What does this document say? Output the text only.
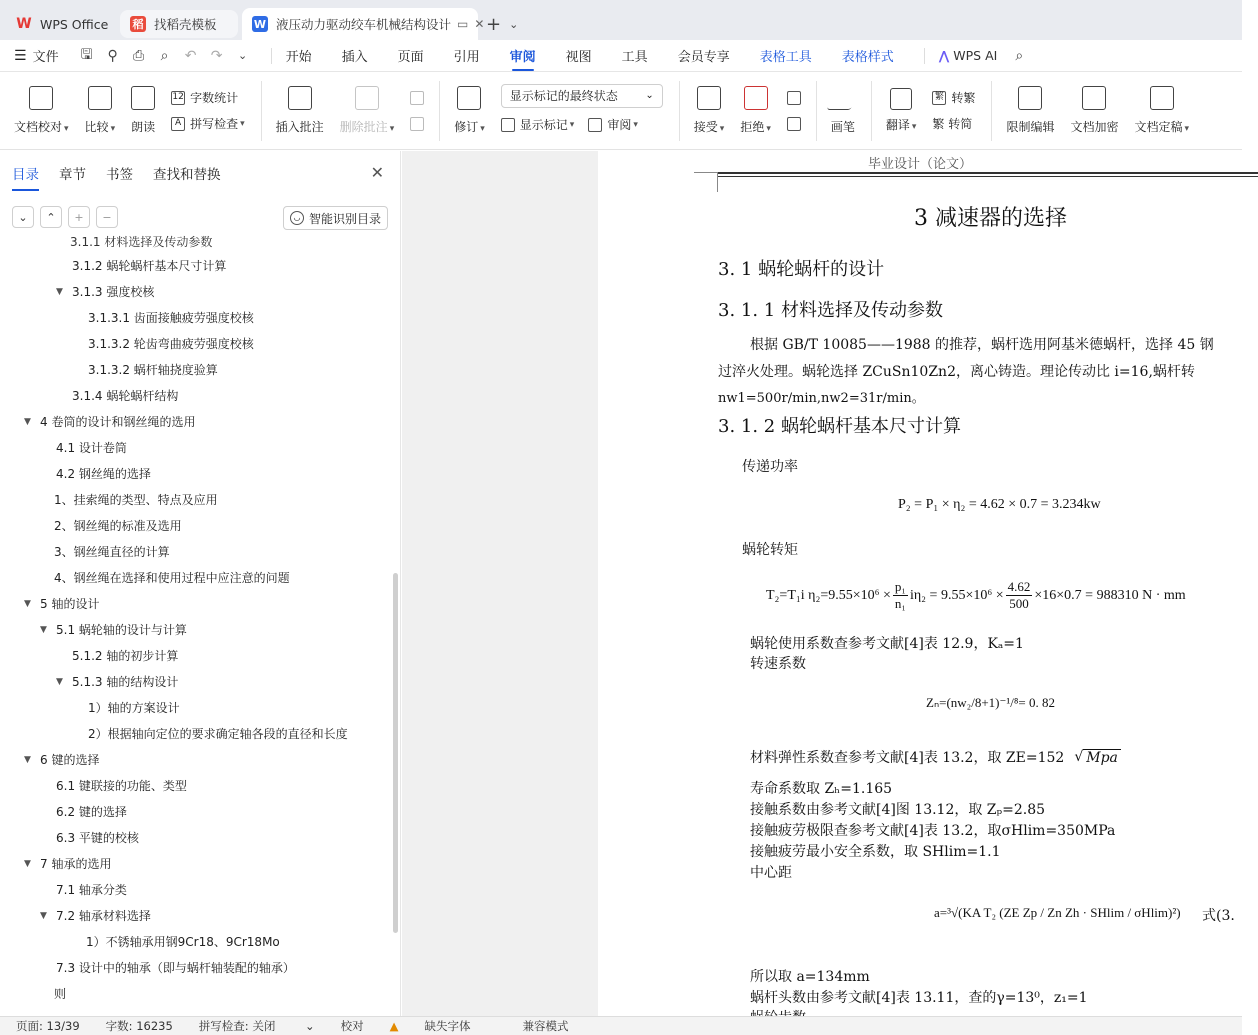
W WPS Office 稻 找稻壳模板	W 液压动力驱动绞车机械结构设计 ▭ ✕ + ⌄
☰ 文件 🖫 ⚲ ⎙ ⌕ ↶ ↷	⌄	开始 插入 页面 引用 审阅 视图 工具 会员专享 表格工具 表格样式	⋀ WPS AI ⌕
文档校对 ▾ 比较 ▾ 朗读
12 字数统计
A 拼写检查 ▾	插入批注 删除批注 ▾	修订 ▾
显示标记的最终状态	⌄
显示标记 ▾	审阅 ▾	接受 ▾ 拒绝 ▾	画笔	翻译 ▾
繁 转繁
繁 转简	限制编辑 文档加密 文档定稿 ▾
目录 章节 书签 查找和替换	✕
⌄	⌃	+	−	◡ 智能识别目录
3.1.1 材料选择及传动参数
3.1.2 蜗轮蜗杆基本尺寸计算
▼ 3.1.3 强度校核
3.1.3.1 齿面接触疲劳强度校核
3.1.3.2 轮齿弯曲疲劳强度校核
3.1.3.2 蜗杆轴挠度验算
3.1.4 蜗轮蜗杆结构
▼ 4 卷筒的设计和钢丝绳的选用
4.1 设计卷筒
4.2 钢丝绳的选择
1、挂索绳的类型、特点及应用
2、钢丝绳的标准及选用
3、钢丝绳直径的计算
4、钢丝绳在选择和使用过程中应注意的问题
▼ 5 轴的设计
▼ 5.1 蜗轮轴的设计与计算
5.1.2 轴的初步计算
▼ 5.1.3 轴的结构设计
1）轴的方案设计
2）根据轴向定位的要求确定轴各段的直径和长度
▼ 6 键的选择
6.1 键联接的功能、类型
6.2 键的选择
6.3 平键的校核
▼ 7 轴承的选用
7.1 轴承分类
▼ 7.2 轴承材料选择
1）不锈轴承用钢9Cr18、9Cr18Mo
7.3 设计中的轴承（即与蜗杆轴装配的轴承）
则
毕业设计（论文）
3 减速器的选择
3. 1 蜗轮蜗杆的设计
3. 1. 1 材料选择及传动参数
根据 GB/T 10085——1988 的推荐，蜗杆选用阿基米德蜗杆，选择 45 钢
过淬火处理。蜗轮选择 ZCuSn10Zn2，离心铸造。理论传动比 i=16,蜗杆转
nw1=500r/min,nw2=31r/min。
3. 1. 2 蜗轮蜗杆基本尺寸计算
传递功率
P₂ = P₁ × η₂ = 4.62 × 0.7 = 3.234kw
蜗轮转矩
T₂=T₁i $\eta_2=9.55\times 10^6 \times \frac{\text{p₁}}{\text{n₁}} i\eta_2 = 9.55\times 10^6 \times \frac{4.62}{500} \times 16\times 0.7 = 988310$ N · mm
蜗轮使用系数查参考文献[4]表 12.9，Kₐ=1
转速系数
Zₙ=(nw₂/8+1)⁻¹/⁸= 0. 82
材料弹性系数查参考文献[4]表 13.2，取 ZE=152 √ Mpa
寿命系数取 Zₕ=1.165
接触系数由参考文献[4]图 13.12，取 Zₚ=2.85
接触疲劳极限查参考文献[4]表 13.2，取σHlim=350MPa
接触疲劳最小安全系数，取 SHlim=1.1
中心距
a=³√(KA T₂ (ZE Zp / Zn Zh · SHlim / σHlim)²) 式(3.
所以取 a=134mm
蜗杆头数由参考文献[4]表 13.11，查的γ=13⁰，z₁=1
页面: 13/39 字数: 16235 拼写检查: 关闭 ⌄ 校对 ▲ 缺失字体	兼容模式
